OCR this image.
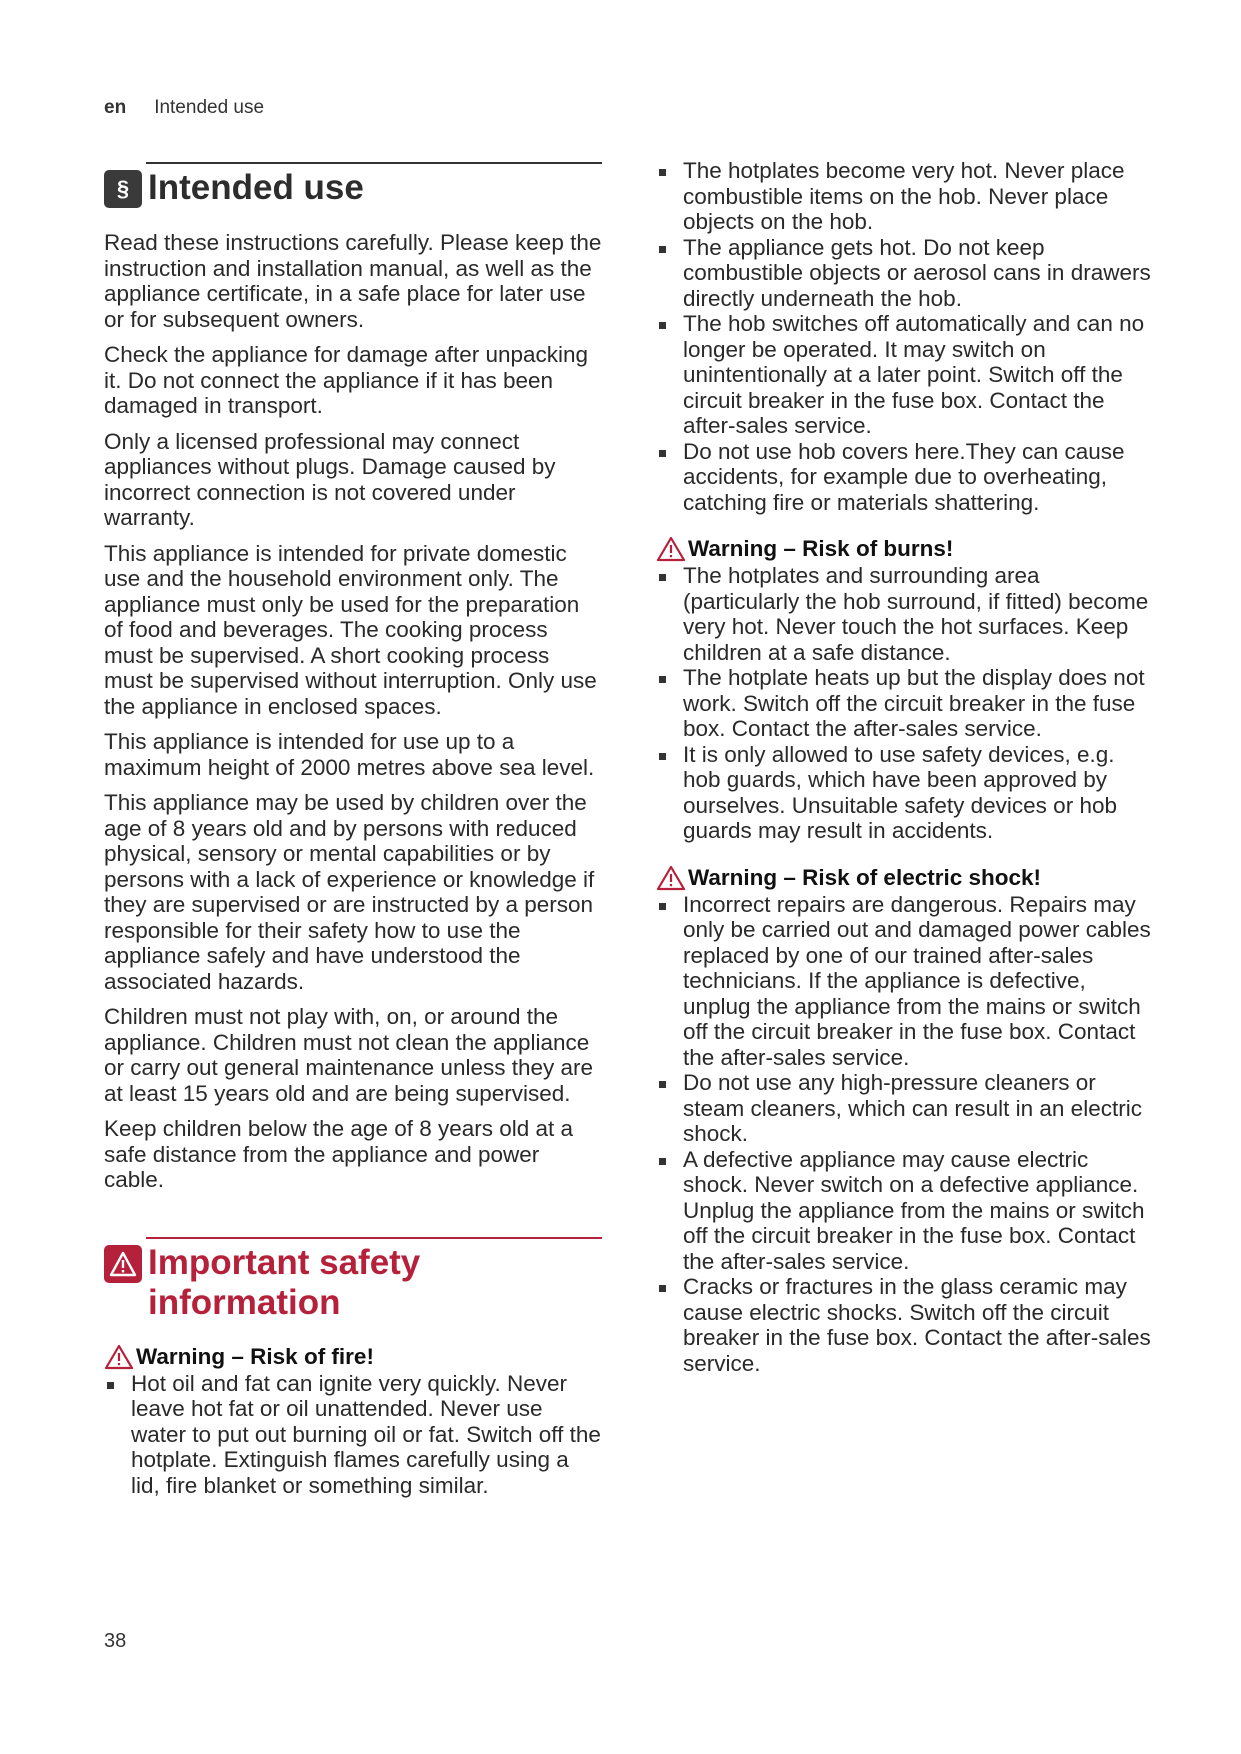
en Intended use
§ Intended use

Read these instructions carefully. Please keep the instruction and installation manual, as well as the appliance certificate, in a safe place for later use or for subsequent owners.

Check the appliance for damage after unpacking it. Do not connect the appliance if it has been damaged in transport.

Only a licensed professional may connect appliances without plugs. Damage caused by incorrect connection is not covered under warranty.

This appliance is intended for private domestic use and the household environment only. The appliance must only be used for the preparation of food and beverages. The cooking process must be supervised. A short cooking process must be supervised without interruption. Only use the appliance in enclosed spaces.

This appliance is intended for use up to a maximum height of 2000 metres above sea level.

This appliance may be used by children over the age of 8 years old and by persons with reduced physical, sensory or mental capabilities or by persons with a lack of experience or knowledge if they are supervised or are instructed by a person responsible for their safety how to use the appliance safely and have understood the associated hazards.

Children must not play with, on, or around the appliance. Children must not clean the appliance or carry out general maintenance unless they are at least 15 years old and are being supervised.

Keep children below the age of 8 years old at a safe distance from the appliance and power cable.

Important safety information
Warning – Risk of fire!
Hot oil and fat can ignite very quickly. Never leave hot fat or oil unattended. Never use water to put out burning oil or fat. Switch off the hotplate. Extinguish flames carefully using a lid, fire blanket or something similar.
The hotplates become very hot. Never place combustible items on the hob. Never place objects on the hob.
The appliance gets hot. Do not keep combustible objects or aerosol cans in drawers directly underneath the hob.
The hob switches off automatically and can no longer be operated. It may switch on unintentionally at a later point. Switch off the circuit breaker in the fuse box. Contact the after-sales service.
Do not use hob covers here.They can cause accidents, for example due to overheating, catching fire or materials shattering.
Warning – Risk of burns!
The hotplates and surrounding area (particularly the hob surround, if fitted) become very hot. Never touch the hot surfaces. Keep children at a safe distance.
The hotplate heats up but the display does not work. Switch off the circuit breaker in the fuse box. Contact the after-sales service.
It is only allowed to use safety devices, e.g. hob guards, which have been approved by ourselves. Unsuitable safety devices or hob guards may result in accidents.
Warning – Risk of electric shock!
Incorrect repairs are dangerous. Repairs may only be carried out and damaged power cables replaced by one of our trained after-sales technicians. If the appliance is defective, unplug the appliance from the mains or switch off the circuit breaker in the fuse box. Contact the after-sales service.
Do not use any high-pressure cleaners or steam cleaners, which can result in an electric shock.
A defective appliance may cause electric shock. Never switch on a defective appliance. Unplug the appliance from the mains or switch off the circuit breaker in the fuse box. Contact the after-sales service.
Cracks or fractures in the glass ceramic may cause electric shocks. Switch off the circuit breaker in the fuse box. Contact the after-sales service.
38
